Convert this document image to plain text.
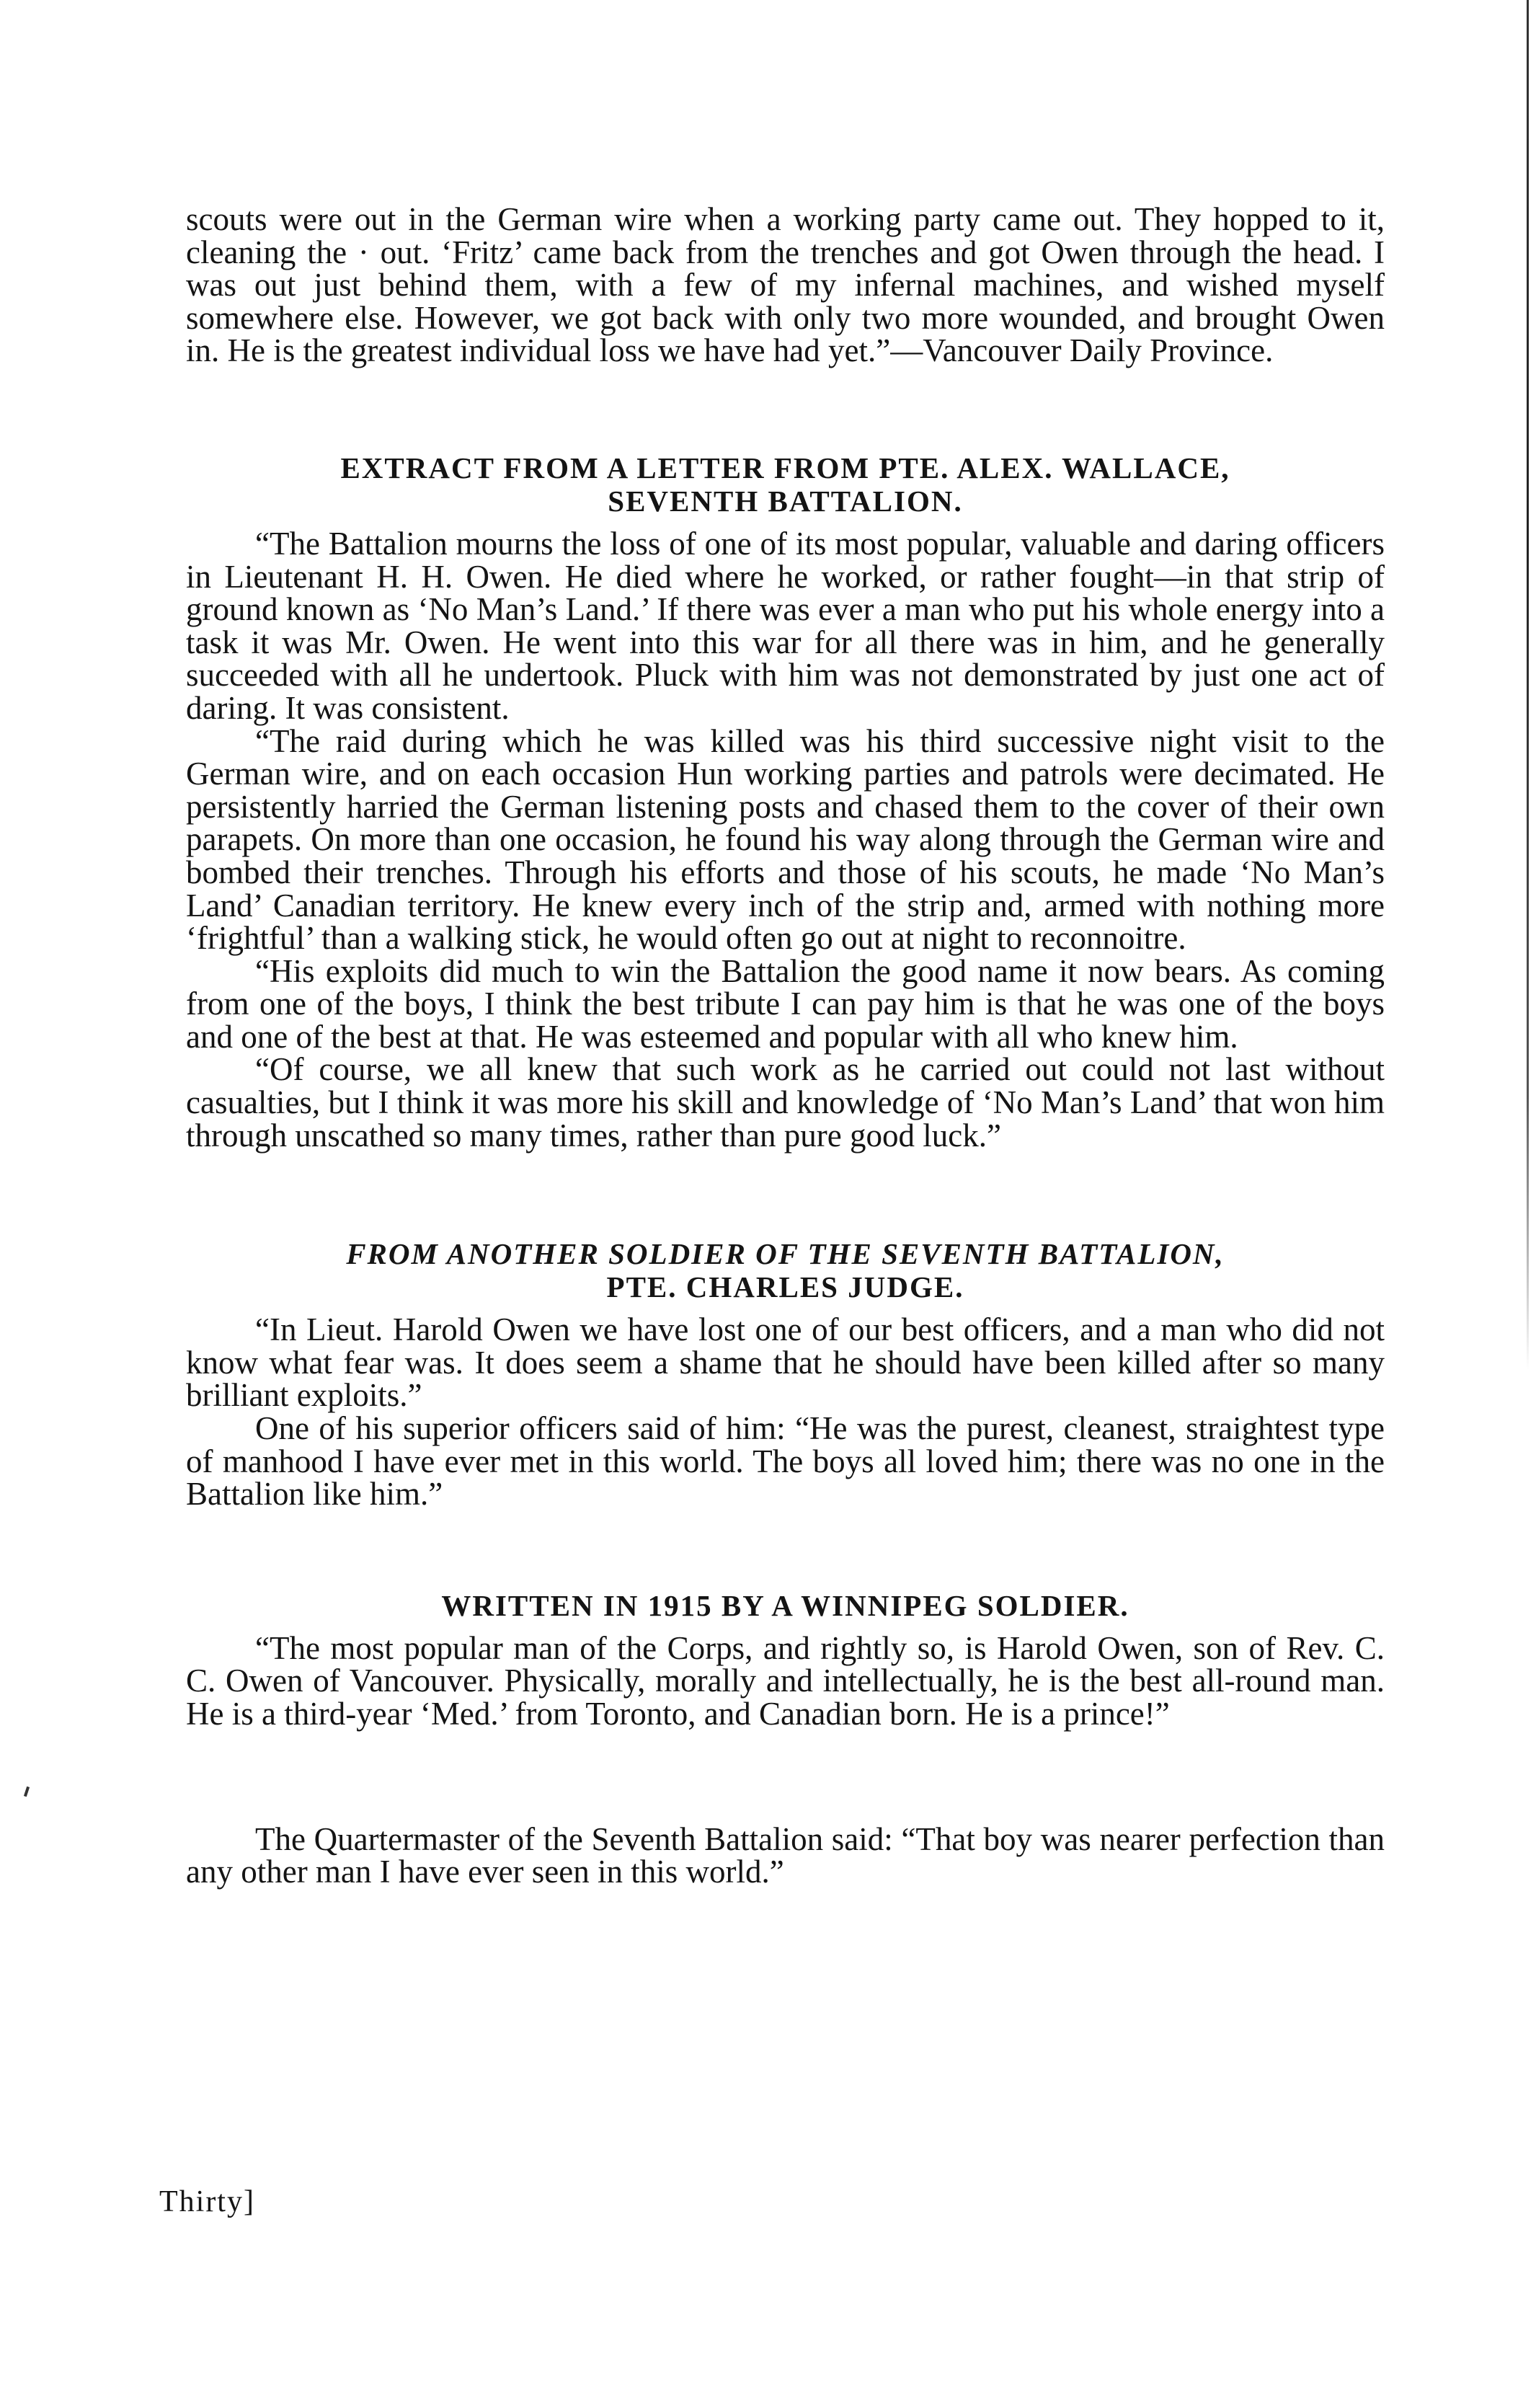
scouts were out in the German wire when a working party came out. They hopped to it, cleaning the · out. ‘Fritz’ came back from the trenches and got Owen through the head. I was out just behind them, with a few of my infernal machines, and wished myself somewhere else. However, we got back with only two more wounded, and brought Owen in. He is the greatest individual loss we have had yet.”—Vancouver Daily Province.

EXTRACT FROM A LETTER FROM PTE. ALEX. WALLACE,
SEVENTH BATTALION.

“The Battalion mourns the loss of one of its most popular, valuable and daring officers in Lieutenant H. H. Owen. He died where he worked, or rather fought—in that strip of ground known as ‘No Man’s Land.’ If there was ever a man who put his whole energy into a task it was Mr. Owen. He went into this war for all there was in him, and he generally succeeded with all he undertook. Pluck with him was not demonstrated by just one act of daring. It was consistent.

“The raid during which he was killed was his third successive night visit to the German wire, and on each occasion Hun working parties and patrols were decimated. He persistently harried the German listening posts and chased them to the cover of their own parapets. On more than one occasion, he found his way along through the German wire and bombed their trenches. Through his efforts and those of his scouts, he made ‘No Man’s Land’ Canadian territory. He knew every inch of the strip and, armed with nothing more ‘frightful’ than a walking stick, he would often go out at night to reconnoitre.

“His exploits did much to win the Battalion the good name it now bears. As coming from one of the boys, I think the best tribute I can pay him is that he was one of the boys and one of the best at that. He was esteemed and popular with all who knew him.

“Of course, we all knew that such work as he carried out could not last without casualties, but I think it was more his skill and knowledge of ‘No Man’s Land’ that won him through unscathed so many times, rather than pure good luck.”

FROM ANOTHER SOLDIER OF THE SEVENTH BATTALION,
PTE. CHARLES JUDGE.

“In Lieut. Harold Owen we have lost one of our best officers, and a man who did not know what fear was. It does seem a shame that he should have been killed after so many brilliant exploits.”

One of his superior officers said of him: “He was the purest, cleanest, straightest type of manhood I have ever met in this world. The boys all loved him; there was no one in the Battalion like him.”

WRITTEN IN 1915 BY A WINNIPEG SOLDIER.

“The most popular man of the Corps, and rightly so, is Harold Owen, son of Rev. C. C. Owen of Vancouver. Physically, morally and intellectually, he is the best all-round man. He is a third-year ‘Med.’ from Toronto, and Canadian born. He is a prince!”

The Quartermaster of the Seventh Battalion said: “That boy was nearer perfection than any other man I have ever seen in this world.”

Thirty]
